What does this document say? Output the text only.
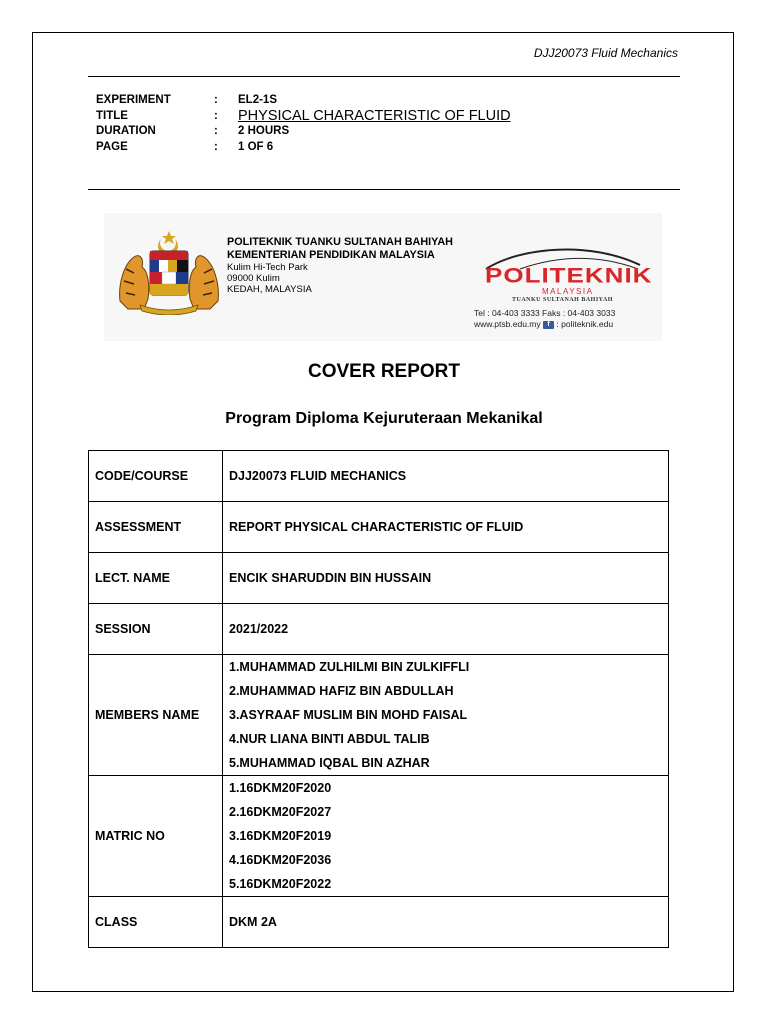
DJJ20073 Fluid Mechanics
EXPERIMENT	:	EL2-1S
TITLE	:	PHYSICAL CHARACTERISTIC OF FLUID
DURATION	:	2 HOURS
PAGE	:	1 OF 6
POLITEKNIK TUANKU SULTANAH BAHIYAH
KEMENTERIAN PENDIDIKAN MALAYSIA
Kulim Hi-Tech Park
09000 Kulim
KEDAH, MALAYSIA
POLITEKNIK
MALAYSIA
TUANKU SULTANAH BAHIYAH
Tel : 04-403 3333 Faks : 04-403 3033
www.ptsb.edu.my f : politeknik.edu
COVER REPORT
Program Diploma Kejuruteraan Mekanikal
CODE/COURSE	DJJ20073 FLUID MECHANICS
ASSESSMENT	REPORT PHYSICAL CHARACTERISTIC OF FLUID
LECT. NAME	ENCIK SHARUDDIN BIN HUSSAIN
SESSION	2021/2022
MEMBERS NAME	1.MUHAMMAD ZULHILMI BIN ZULKIFFLI
2.MUHAMMAD HAFIZ BIN ABDULLAH
3.ASYRAAF MUSLIM BIN MOHD FAISAL
4.NUR LIANA BINTI ABDUL TALIB
5.MUHAMMAD IQBAL BIN AZHAR

MATRIC NO	1.16DKM20F2020
2.16DKM20F2027
3.16DKM20F2019
4.16DKM20F2036
5.16DKM20F2022

CLASS	DKM 2A
